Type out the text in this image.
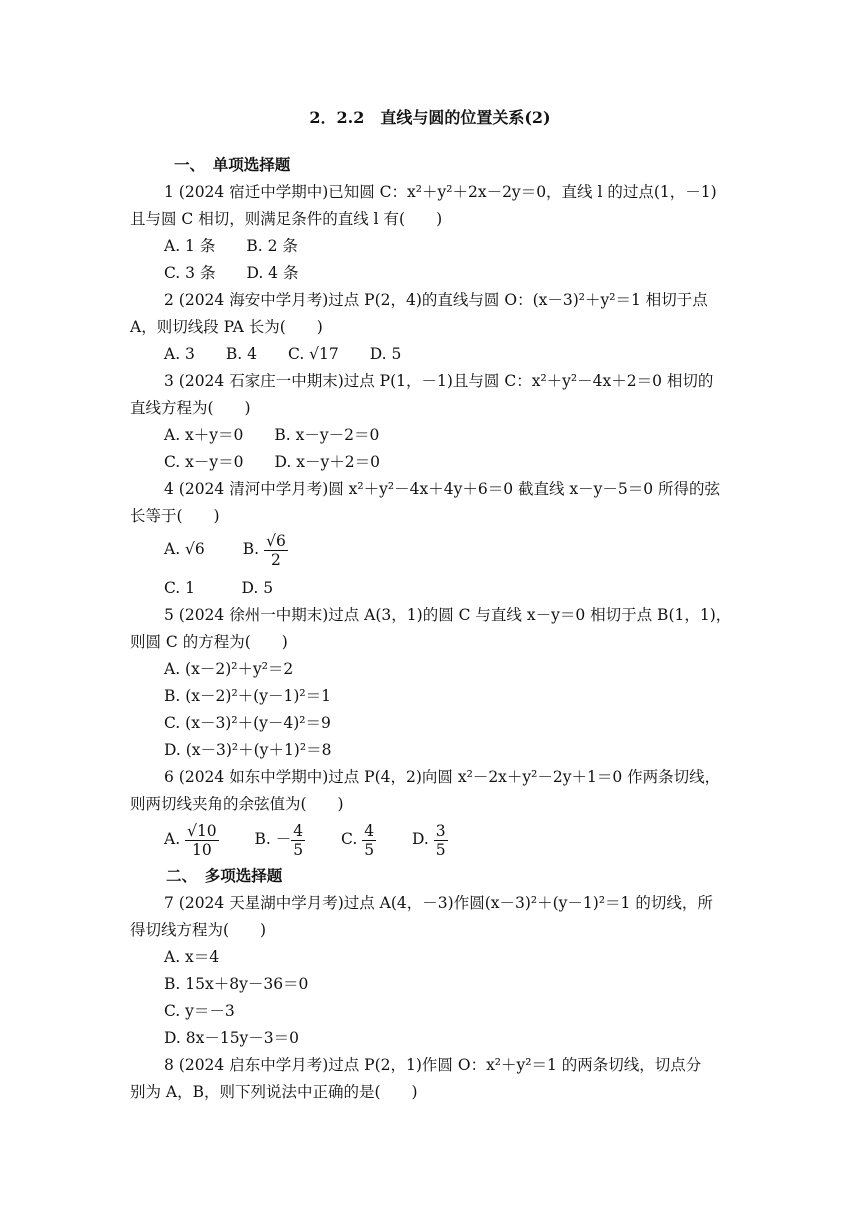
2．2.2　直线与圆的位置关系(2)
一、　单项选择题
1 (2024 宿迁中学期中)已知圆 C：x²＋y²＋2x－2y＝0，直线 l 的过点(1，－1)
且与圆 C 相切，则满足条件的直线 l 有(　　)
A. 1 条　　B. 2 条
C. 3 条　　D. 4 条
2 (2024 海安中学月考)过点 P(2，4)的直线与圆 O：(x－3)²＋y²＝1 相切于点
A，则切线段 PA 长为(　　)
A. 3　　B. 4　　C. √17　　D. 5
3 (2024 石家庄一中期末)过点 P(1，－1)且与圆 C：x²＋y²－4x＋2＝0 相切的
直线方程为(　　)
A. x＋y＝0　　B. x－y－2＝0
C. x－y＝0　　D. x－y＋2＝0
4 (2024 清河中学月考)圆 x²＋y²－4x＋4y＋6＝0 截直线 x－y－5＝0 所得的弦
长等于(　　)
A. √6 B. $\frac{√6}{2}$
C. 1　　　D. 5
5 (2024 徐州一中期末)过点 A(3，1)的圆 C 与直线 x－y＝0 相切于点 B(1，1)，
则圆 C 的方程为(　　)
A. (x－2)²＋y²＝2
B. (x－2)²＋(y－1)²＝1
C. (x－3)²＋(y－4)²＝9
D. (x－3)²＋(y＋1)²＝8
6 (2024 如东中学期中)过点 P(4，2)向圆 x²－2x＋y²－2y＋1＝0 作两条切线，
则两切线夹角的余弦值为(　　)
A. $\frac{√10}{10} B$. － $\frac{4}{5} C$. $\frac{4}{5} D$. $\frac{3}{5}$
二、　多项选择题
7 (2024 天星湖中学月考)过点 A(4，－3)作圆(x－3)²＋(y－1)²＝1 的切线，所
得切线方程为(　　)
A. x＝4
B. 15x＋8y－36＝0
C. y＝－3
D. 8x－15y－3＝0
8 (2024 启东中学月考)过点 P(2，1)作圆 O：x²＋y²＝1 的两条切线，切点分
别为 A，B，则下列说法中正确的是(　　)
